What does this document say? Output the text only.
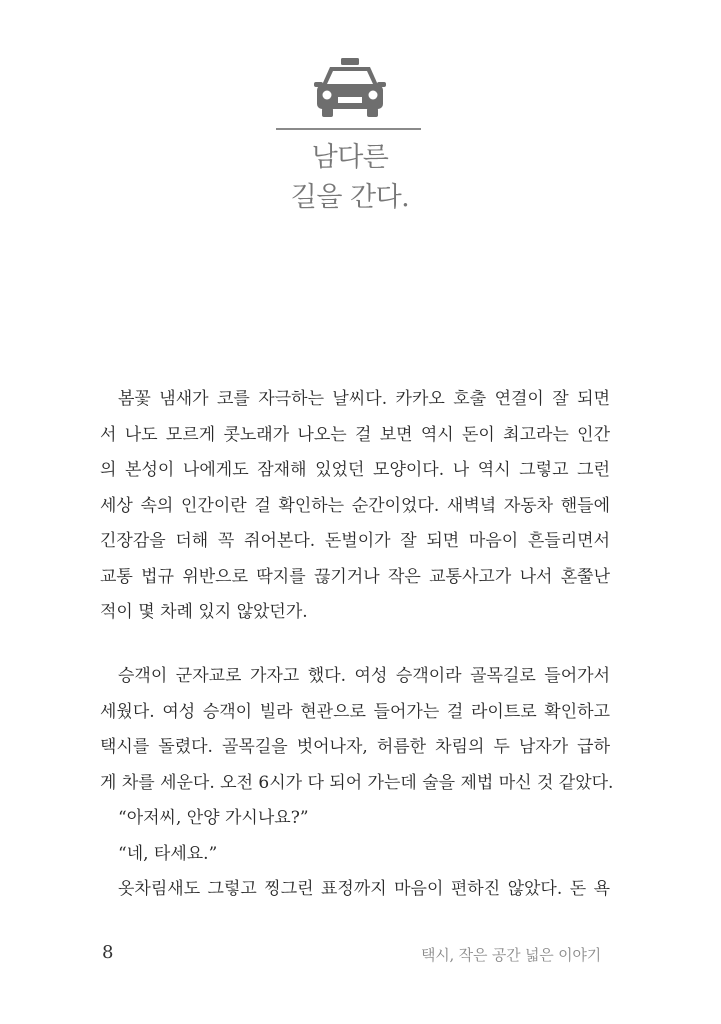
남다른
길을 간다.
봄꽃 냄새가 코를 자극하는 날씨다. 카카오 호출 연결이 잘 되면
서 나도 모르게 콧노래가 나오는 걸 보면 역시 돈이 최고라는 인간
의 본성이 나에게도 잠재해 있었던 모양이다. 나 역시 그렇고 그런
세상 속의 인간이란 걸 확인하는 순간이었다. 새벽녘 자동차 핸들에
긴장감을 더해 꼭 쥐어본다. 돈벌이가 잘 되면 마음이 흔들리면서
교통 법규 위반으로 딱지를 끊기거나 작은 교통사고가 나서 혼쭐난
적이 몇 차례 있지 않았던가.
승객이 군자교로 가자고 했다. 여성 승객이라 골목길로 들어가서
세웠다. 여성 승객이 빌라 현관으로 들어가는 걸 라이트로 확인하고
택시를 돌렸다. 골목길을 벗어나자, 허름한 차림의 두 남자가 급하
게 차를 세운다. 오전 6시가 다 되어 가는데 술을 제법 마신 것 같았다.
“아저씨, 안양 가시나요?”
“네, 타세요.”
옷차림새도 그렇고 찡그린 표정까지 마음이 편하진 않았다. 돈 욕
8	택시, 작은 공간 넓은 이야기
